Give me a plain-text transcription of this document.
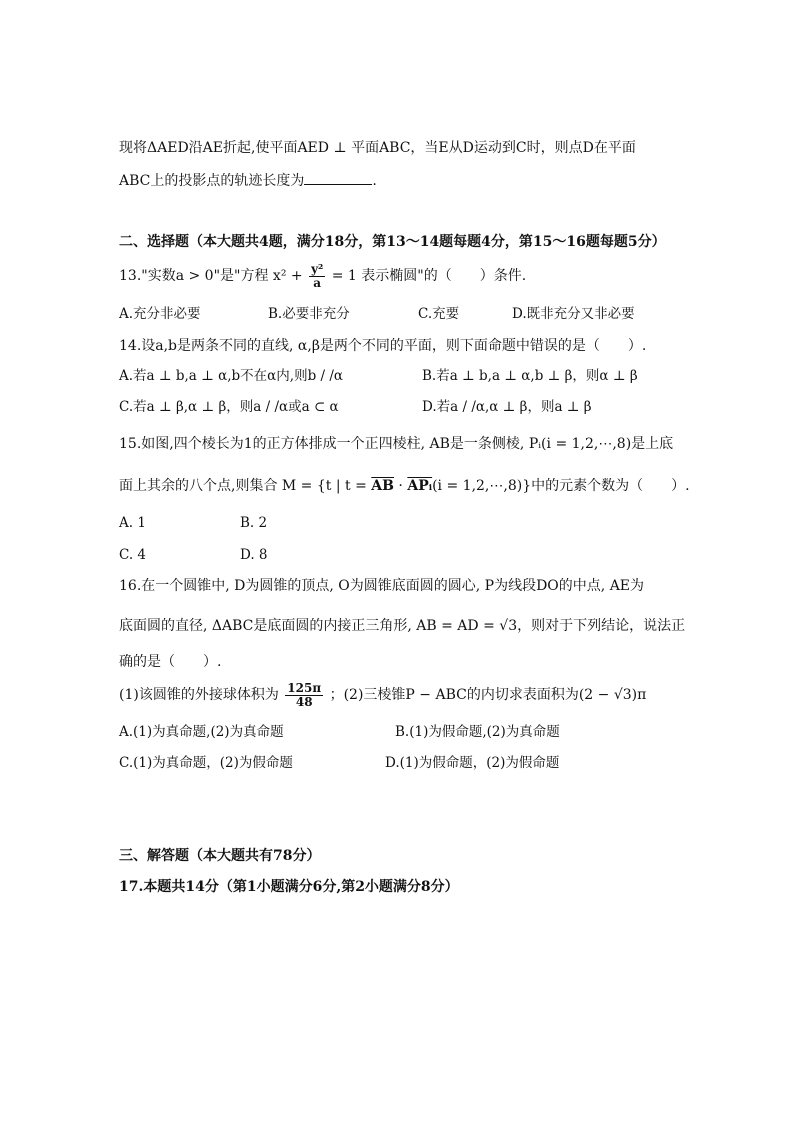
现将ΔAED沿AE折起,使平面AED ⊥ 平面ABC，当E从D运动到C时，则点D在平面
ABC上的投影点的轨迹长度为	.
二、选择题（本大题共4题，满分18分，第13～14题每题4分，第15～16题每题5分）
13."实数a > 0"是"方程 $x^2 + \frac{\text{y²}}{a} = 1$ 表示椭圆"的（　　）条件.
A.充分非必要	B.必要非充分	C.充要	D.既非充分又非必要
14.设a,b是两条不同的直线, α,β是两个不同的平面，则下面命题中错误的是（　　）.
A.若a ⊥ b,a ⊥ α,b不在α内,则b / /α	B.若a ⊥ b,a ⊥ α,b ⊥ β，则α ⊥ β
C.若a ⊥ β,α ⊥ β，则a / /α或a ⊂ α	D.若a / /α,α ⊥ β，则a ⊥ β
15.如图,四个棱长为1的正方体排成一个正四棱柱, AB是一条侧棱, Pᵢ(i = 1,2,⋯,8)是上底
面上其余的八个点,则集合 M = {t | $t = \overline{AB} \cdot \overline{APᵢ}(i$ = 1,2,⋯,8)}中的元素个数为（　　）.
A. 1	B. 2
C. 4	D. 8
16.在一个圆锥中, D为圆锥的顶点, O为圆锥底面圆的圆心, P为线段DO的中点, AE为
底面圆的直径, ΔABC是底面圆的内接正三角形, AB = AD = √3，则对于下列结论，说法正
确的是（　　）.
(1)该圆锥的外接球体积为 $\frac{125\pi}{48}$ ；(2)三棱锥P − ABC的内切求表面积为(2 − √3)π
A.(1)为真命题,(2)为真命题	B.(1)为假命题,(2)为真命题
C.(1)为真命题，(2)为假命题	D.(1)为假命题，(2)为假命题
三、解答题（本大题共有78分）
17.本题共14分（第1小题满分6分,第2小题满分8分）
